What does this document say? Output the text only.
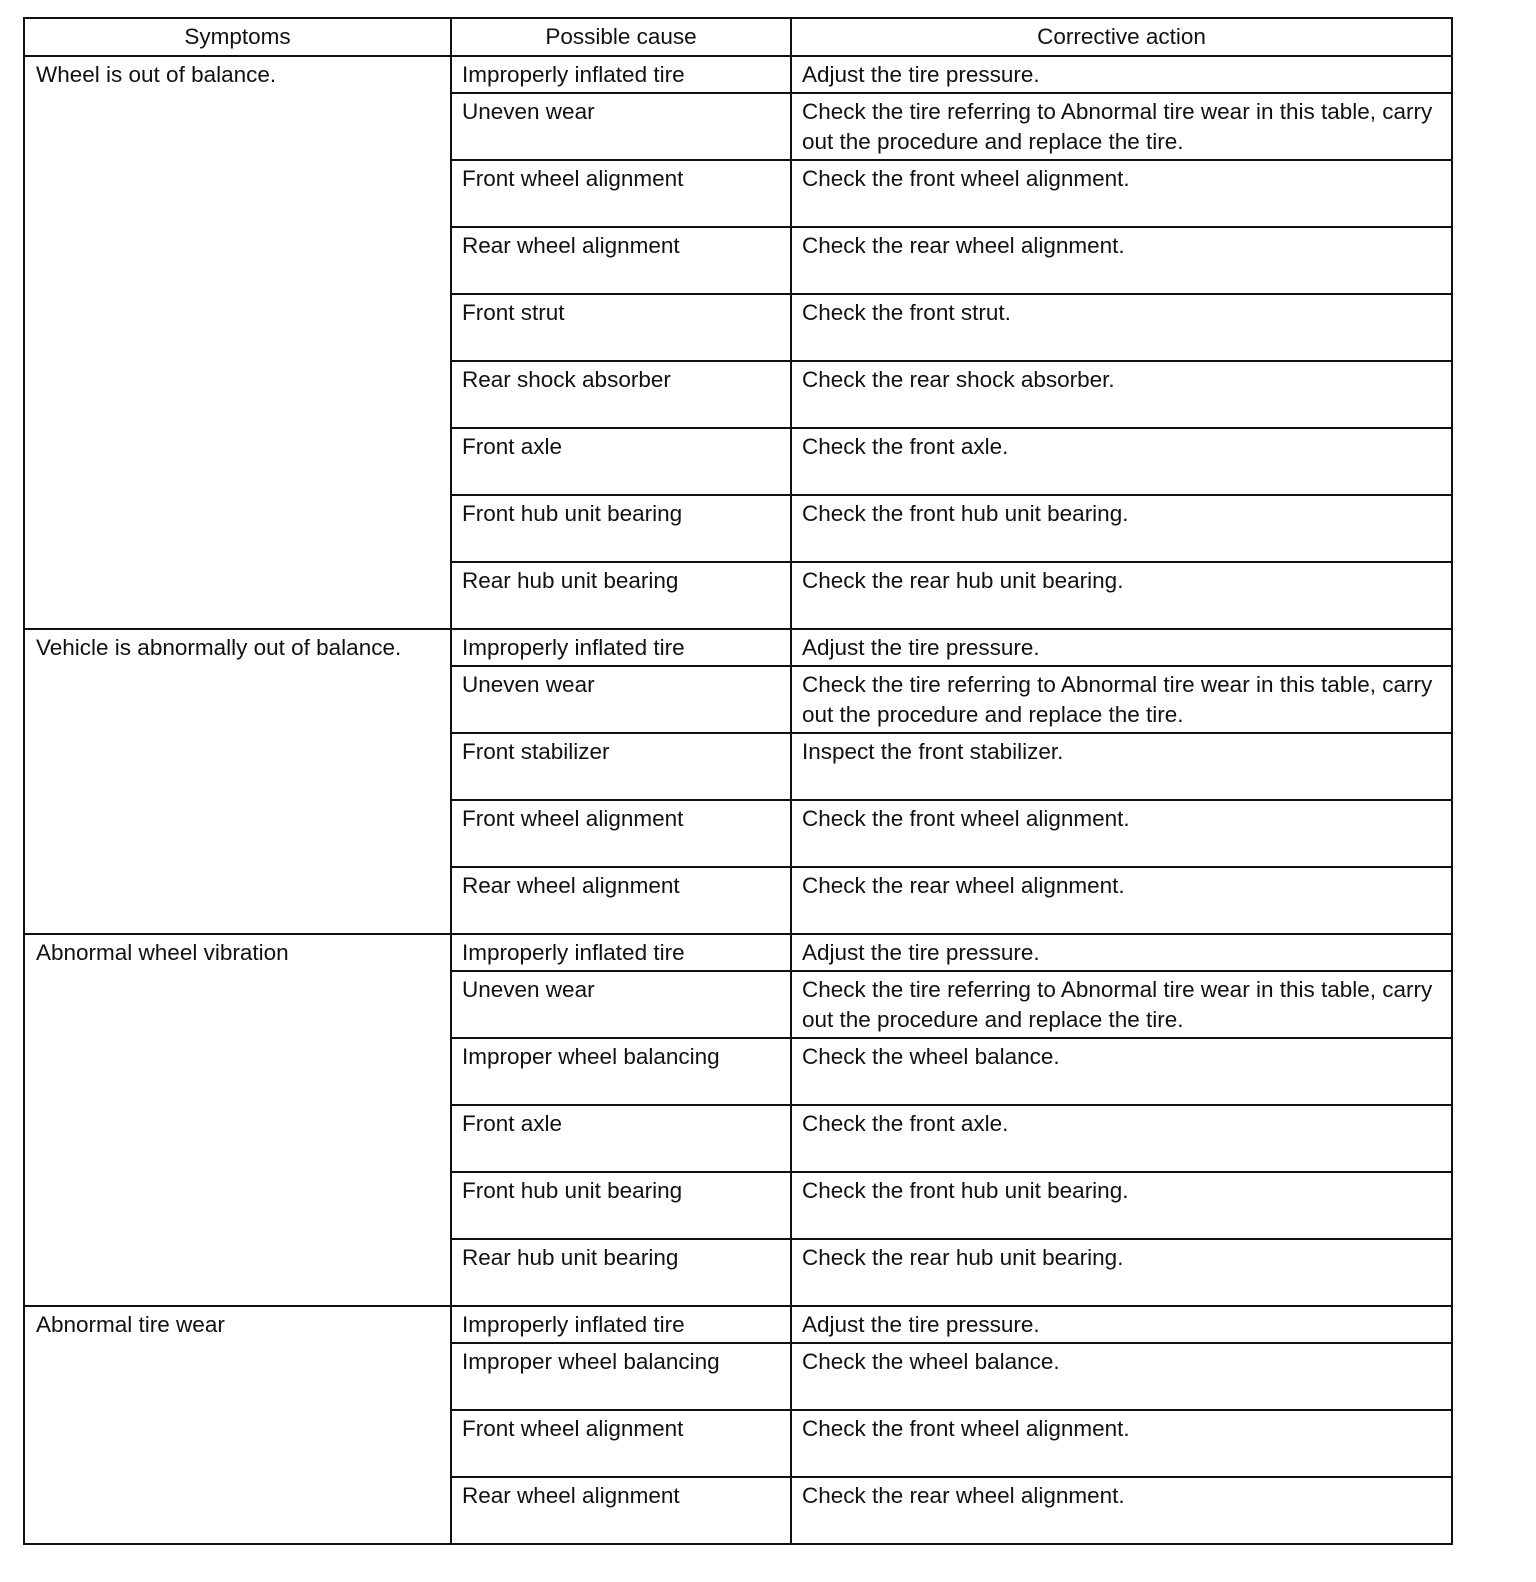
Symptoms	Possible cause	Corrective action
Wheel is out of balance.	Improperly inflated tire	Adjust the tire pressure.
	Uneven wear	Check the tire referring to Abnormal tire wear in this table, carry out the procedure and replace the tire.
	Front wheel alignment	Check the front wheel alignment.
	Rear wheel alignment	Check the rear wheel alignment.
	Front strut	Check the front strut.
	Rear shock absorber	Check the rear shock absorber.
	Front axle	Check the front axle.
	Front hub unit bearing	Check the front hub unit bearing.
	Rear hub unit bearing	Check the rear hub unit bearing.
Vehicle is abnormally out of balance.	Improperly inflated tire	Adjust the tire pressure.
	Uneven wear	Check the tire referring to Abnormal tire wear in this table, carry out the procedure and replace the tire.
	Front stabilizer	Inspect the front stabilizer.
	Front wheel alignment	Check the front wheel alignment.
	Rear wheel alignment	Check the rear wheel alignment.
Abnormal wheel vibration	Improperly inflated tire	Adjust the tire pressure.
	Uneven wear	Check the tire referring to Abnormal tire wear in this table, carry out the procedure and replace the tire.
	Improper wheel balancing	Check the wheel balance.
	Front axle	Check the front axle.
	Front hub unit bearing	Check the front hub unit bearing.
	Rear hub unit bearing	Check the rear hub unit bearing.
Abnormal tire wear	Improperly inflated tire	Adjust the tire pressure.
	Improper wheel balancing	Check the wheel balance.
	Front wheel alignment	Check the front wheel alignment.
	Rear wheel alignment	Check the rear wheel alignment.
